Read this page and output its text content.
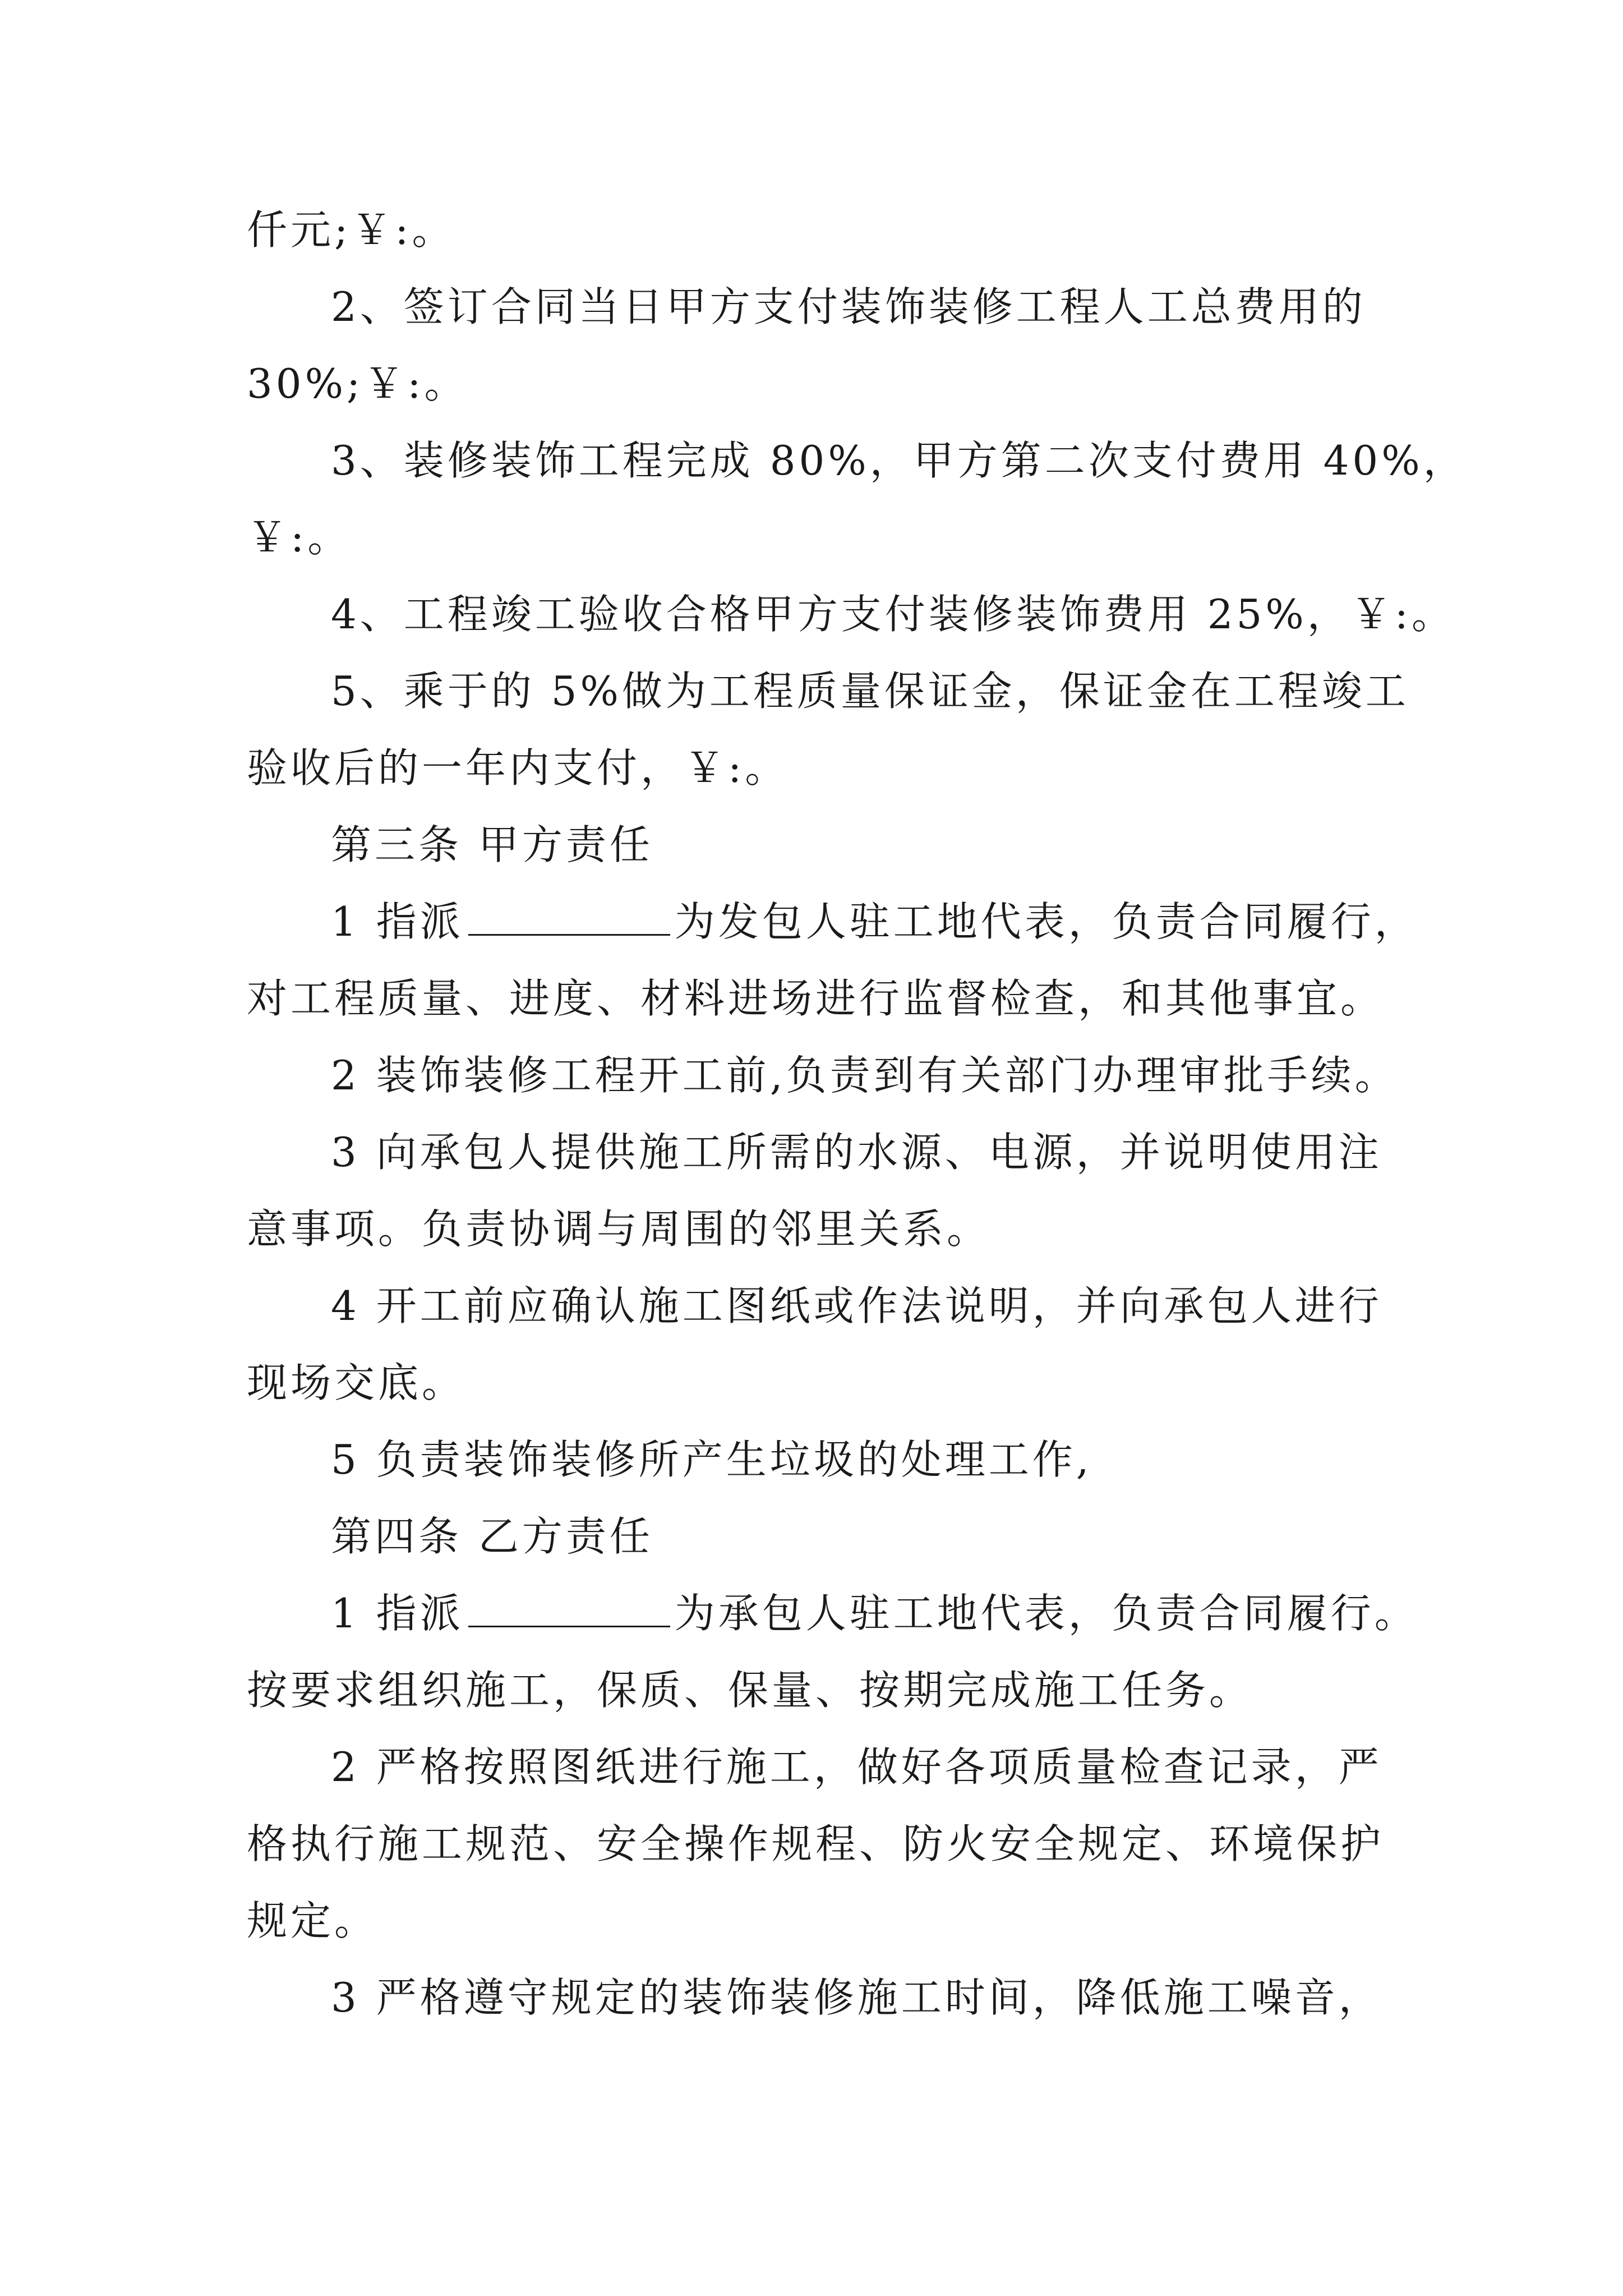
仟元;￥:。
2、签订合同当日甲方支付装饰装修工程人工总费用的
30%;￥:。
3、装修装饰工程完成 80%，甲方第二次支付费用 40%，
￥:。
4、工程竣工验收合格甲方支付装修装饰费用 25%，￥:。
5、乘于的 5%做为工程质量保证金，保证金在工程竣工
验收后的一年内支付，￥:。
第三条 甲方责任
1 指派	为发包人驻工地代表，负责合同履行，
对工程质量、进度、材料进场进行监督检查，和其他事宜。
2 装饰装修工程开工前,负责到有关部门办理审批手续。
3 向承包人提供施工所需的水源、电源，并说明使用注
意事项。负责协调与周围的邻里关系。
4 开工前应确认施工图纸或作法说明，并向承包人进行
现场交底。
5 负责装饰装修所产生垃圾的处理工作,
第四条 乙方责任
1 指派	为承包人驻工地代表，负责合同履行。
按要求组织施工，保质、保量、按期完成施工任务。
2 严格按照图纸进行施工，做好各项质量检查记录，严
格执行施工规范、安全操作规程、防火安全规定、环境保护
规定。
3 严格遵守规定的装饰装修施工时间，降低施工噪音，
